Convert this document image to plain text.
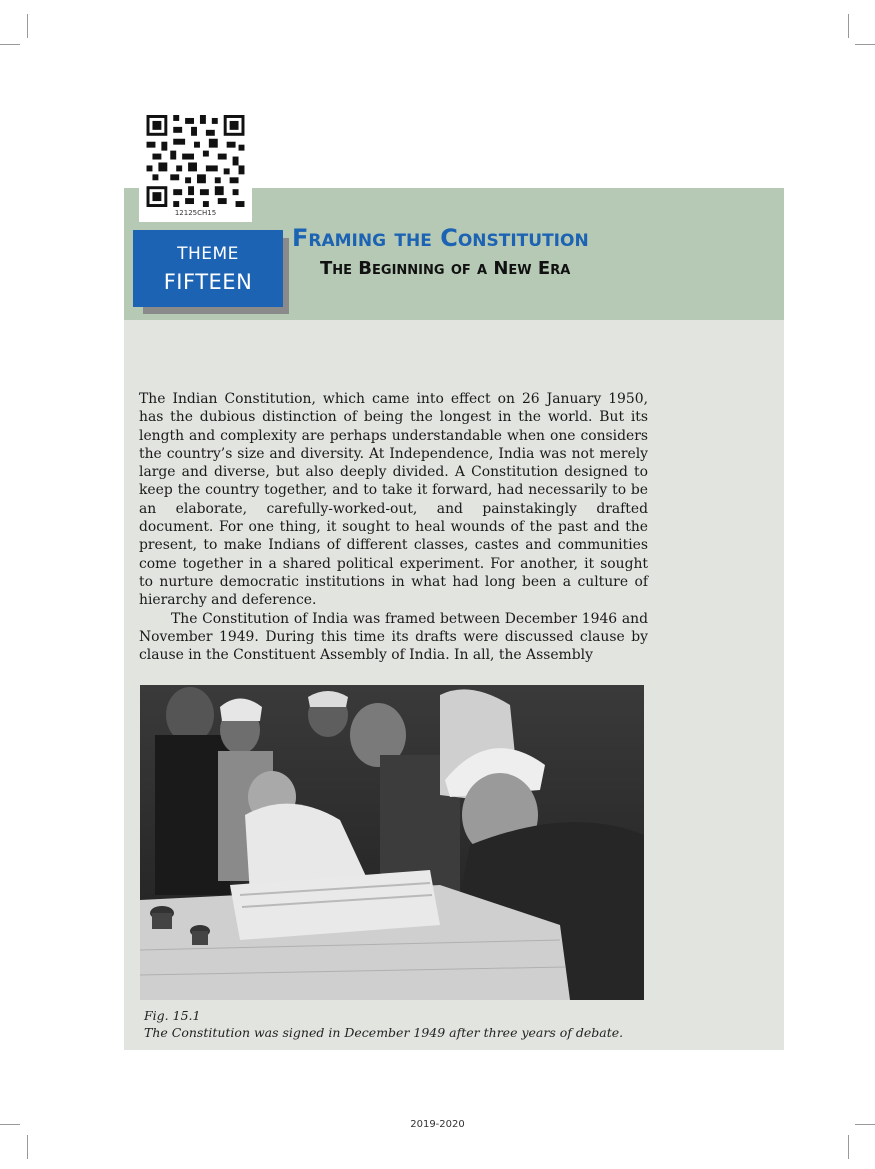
12125CH15
THEME
FIFTEEN
Framing the Constitution
The Beginning of a New Era

The Indian Constitution, which came into effect on 26 January 1950, has the dubious distinction of being the longest in the world. But its length and complexity are perhaps understandable when one considers the country’s size and diversity. At Independence, India was not merely large and diverse, but also deeply divided. A Constitution designed to keep the country together, and to take it forward, had necessarily to be an elaborate, carefully-worked-out, and painstakingly drafted document. For one thing, it sought to heal wounds of the past and the present, to make Indians of different classes, castes and communities come together in a shared political experiment. For another, it sought to nurture democratic institutions in what had long been a culture of hierarchy and deference.

The Constitution of India was framed between December 1946 and November 1949. During this time its drafts were discussed clause by clause in the Constituent Assembly of India. In all, the Assembly

Fig. 15.1
The Constitution was signed in December 1949 after three years of debate.
2019-2020
